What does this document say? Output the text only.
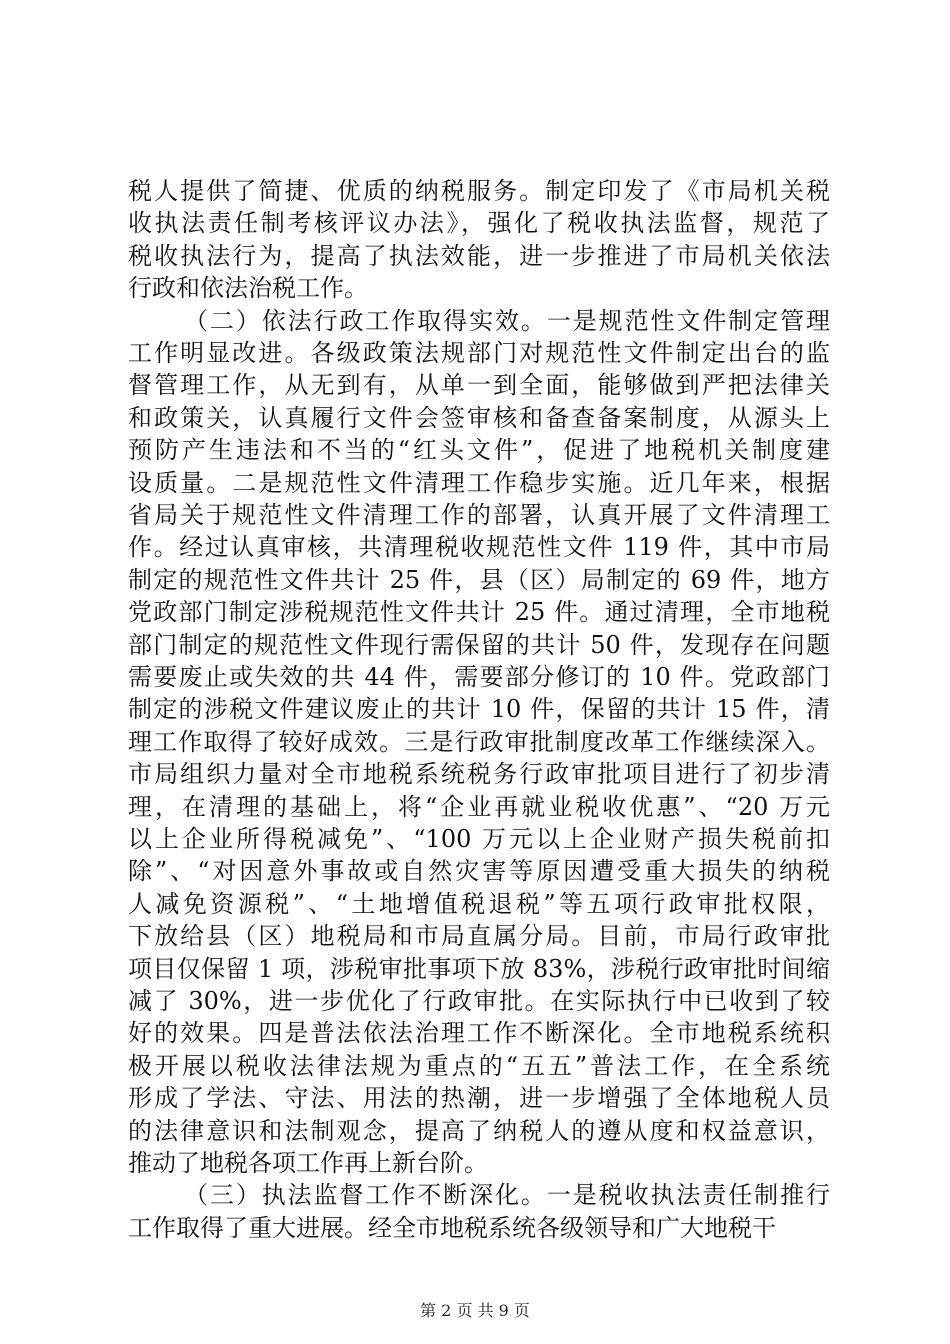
税人提供了简捷、优质的纳税服务。制定印发了《市局机关税
收执法责任制考核评议办法》，强化了税收执法监督，规范了
税收执法行为，提高了执法效能，进一步推进了市局机关依法
行政和依法治税工作。
（二）依法行政工作取得实效。一是规范性文件制定管理
工作明显改进。各级政策法规部门对规范性文件制定出台的监
督管理工作，从无到有，从单一到全面，能够做到严把法律关
和政策关，认真履行文件会签审核和备查备案制度，从源头上
预防产生违法和不当的“红头文件”，促进了地税机关制度建
设质量。二是规范性文件清理工作稳步实施。近几年来，根据
省局关于规范性文件清理工作的部署，认真开展了文件清理工
作。经过认真审核，共清理税收规范性文件 119 件，其中市局
制定的规范性文件共计 25 件，县（区）局制定的 69 件，地方
党政部门制定涉税规范性文件共计 25 件。通过清理，全市地税
部门制定的规范性文件现行需保留的共计 50 件，发现存在问题
需要废止或失效的共 44 件，需要部分修订的 10 件。党政部门
制定的涉税文件建议废止的共计 10 件，保留的共计 15 件，清
理工作取得了较好成效。三是行政审批制度改革工作继续深入。
市局组织力量对全市地税系统税务行政审批项目进行了初步清
理，在清理的基础上，将“企业再就业税收优惠”、“20 万元
以上企业所得税减免”、“100 万元以上企业财产损失税前扣
除”、“对因意外事故或自然灾害等原因遭受重大损失的纳税
人减免资源税”、“土地增值税退税”等五项行政审批权限，
下放给县（区）地税局和市局直属分局。目前，市局行政审批
项目仅保留 1 项，涉税审批事项下放 83%，涉税行政审批时间缩
减了 30%，进一步优化了行政审批。在实际执行中已收到了较
好的效果。四是普法依法治理工作不断深化。全市地税系统积
极开展以税收法律法规为重点的“五五”普法工作，在全系统
形成了学法、守法、用法的热潮，进一步增强了全体地税人员
的法律意识和法制观念，提高了纳税人的遵从度和权益意识，
推动了地税各项工作再上新台阶。
（三）执法监督工作不断深化。一是税收执法责任制推行
工作取得了重大进展。经全市地税系统各级领导和广大地税干
第 2 页 共 9 页
